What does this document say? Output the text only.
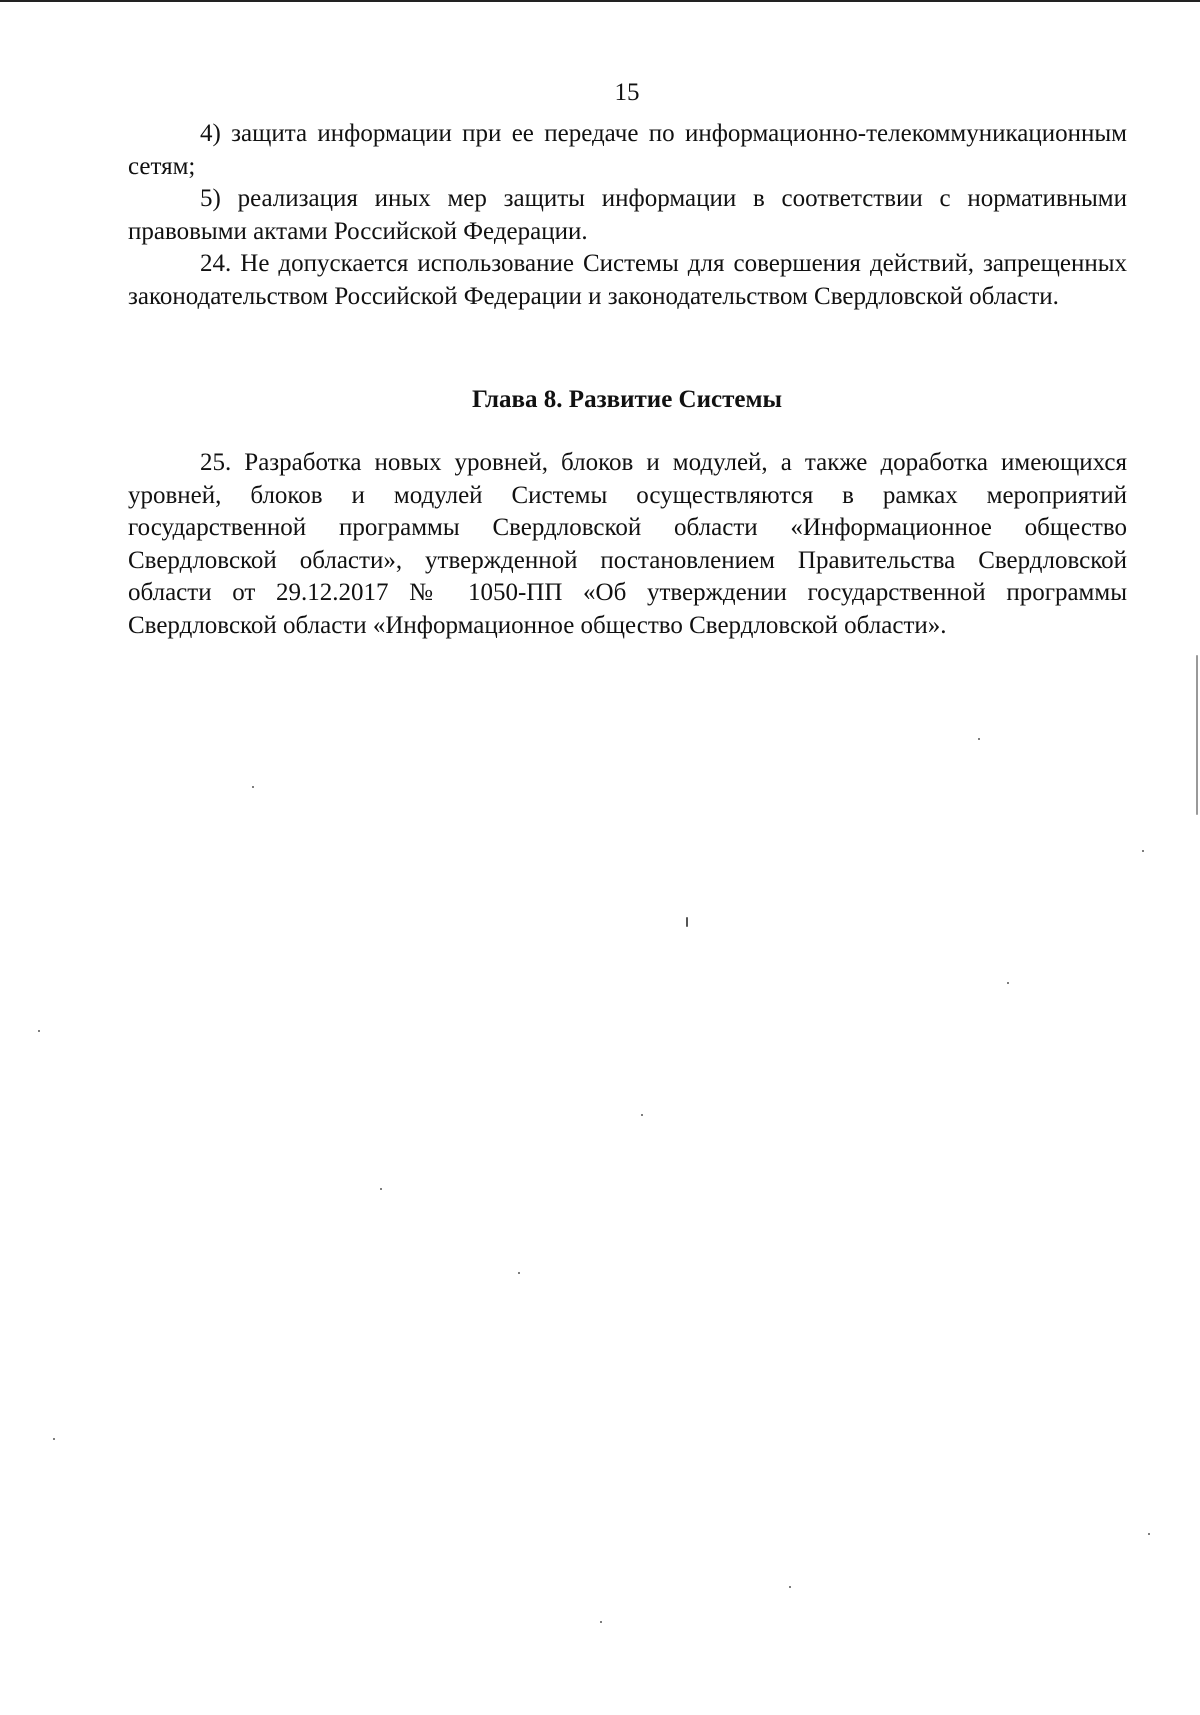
15

4) защита информации при ее передаче по информационно-телекоммуникационным сетям;

5) реализация иных мер защиты информации в соответствии с нормативными правовыми актами Российской Федерации.

24. Не допускается использование Системы для совершения действий, запрещенных законодательством Российской Федерации и законодательством Свердловской области.

Глава 8. Развитие Системы

25. Разработка новых уровней, блоков и модулей, а также доработка имеющихся уровней, блоков и модулей Системы осуществляются в рамках мероприятий государственной программы Свердловской области «Информационное общество Свердловской области», утвержденной постановлением Правительства Свердловской области от 29.12.2017 № 1050-ПП «Об утверждении государственной программы Свердловской области «Информационное общество Свердловской области».
